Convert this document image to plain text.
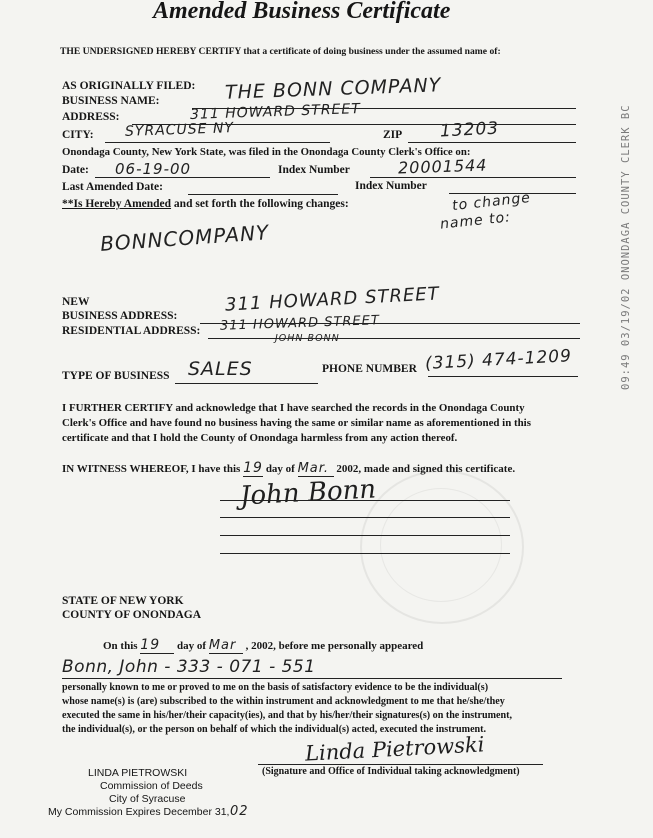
Amended Business Certificate
THE UNDERSIGNED HEREBY CERTIFY that a certificate of doing business under the assumed name of:
AS ORIGINALLY FILED:
BUSINESS NAME:	THE BONN COMPANY
ADDRESS:	311 HOWARD STREET
CITY: SYRACUSE NY	ZIP 13203
Onondaga County, New York State, was filed in the Onondaga County Clerk's Office on:
Date: 06-19-00	Index Number	20001544
Last Amended Date:	Index Number
**Is Hereby Amended and set forth the following changes:	to change
name to:
BONNCOMPANY
NEW
BUSINESS ADDRESS:
311 HOWARD STREET
RESIDENTIAL ADDRESS: 311 HOWARD STREET
JOHN BONN
TYPE OF BUSINESS SALES	PHONE NUMBER (315) 474-1209
I FURTHER CERTIFY and acknowledge that I have searched the records in the Onondaga County
Clerk's Office and have found no business having the same or similar name as aforementioned in this
certificate and that I hold the County of Onondaga harmless from any action thereof.
IN WITNESS WHEREOF, I have this 19 day of Mar. 2002, made and signed this certificate.
John Bonn
STATE OF NEW YORK
COUNTY OF ONONDAGA
On this 19 day of Mar , 2002, before me personally appeared
Bonn, John - 333 - 071 - 551
personally known to me or proved to me on the basis of satisfactory evidence to be the individual(s)
whose name(s) is (are) subscribed to the within instrument and acknowledgment to me that he/she/they
executed the same in his/her/their capacity(ies), and that by his/her/their signatures(s) on the instrument,
the individual(s), or the person on behalf of which the individual(s) acted, executed the instrument.
Linda Pietrowski
(Signature and Office of Individual taking acknowledgment)
LINDA PIETROWSKI
Commission of Deeds
City of Syracuse
My Commission Expires December 31, 02
09:49 03/19/02 ONONDAGA COUNTY CLERK BC
